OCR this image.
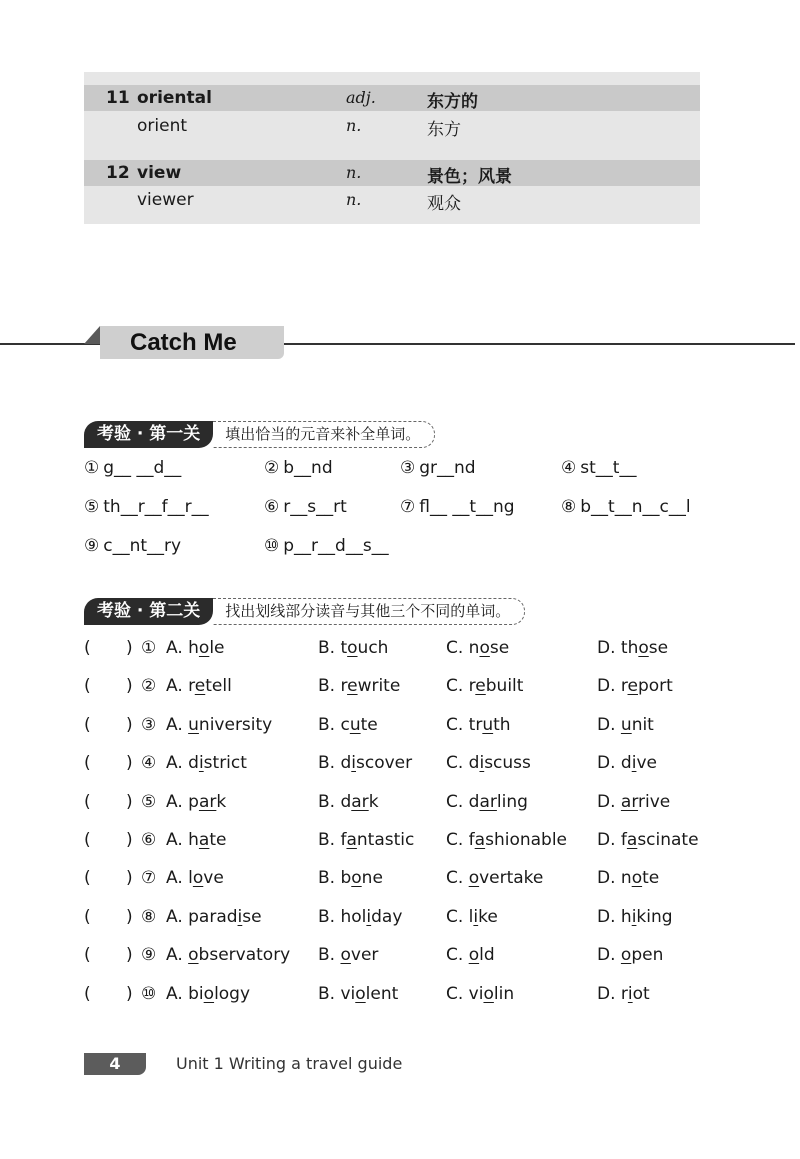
11 oriental	adj.	东方的
orient	n.	东方
12 view	n.	景色；风景
viewer	n.	观众
Catch Me
考验 · 第一关	填出恰当的元音来补全单词。
① g__ __d__	② b__nd	③ gr__nd	④ st__t__
⑤ th__r__f__r__	⑥ r__s__rt	⑦ fl__ __t__ng	⑧ b__t__n__c__l
⑨ c__nt__ry	⑩ p__r__d__s__
考验 · 第二关	找出划线部分读音与其他三个不同的单词。
( ) ① A. hole	B. touch	C. nose	D. those
( ) ② A. retell	B. rewrite	C. rebuilt	D. report
( ) ③ A. university	B. cute	C. truth	D. unit
( ) ④ A. district	B. discover C. discuss	D. dive
( ) ⑤ A. park	B. dark	C. darling	D. arrive
( ) ⑥ A. hate	B. fantastic C. fashionable D. fascinate
( ) ⑦ A. love	B. bone	C. overtake	D. note
( ) ⑧ A. paradise	B. holiday	C. like	D. hiking
( ) ⑨ A. observatory B. over	C. old	D. open
( ) ⑩ A. biology	B. violent	C. violin	D. riot
4	Unit 1 Writing a travel guide
